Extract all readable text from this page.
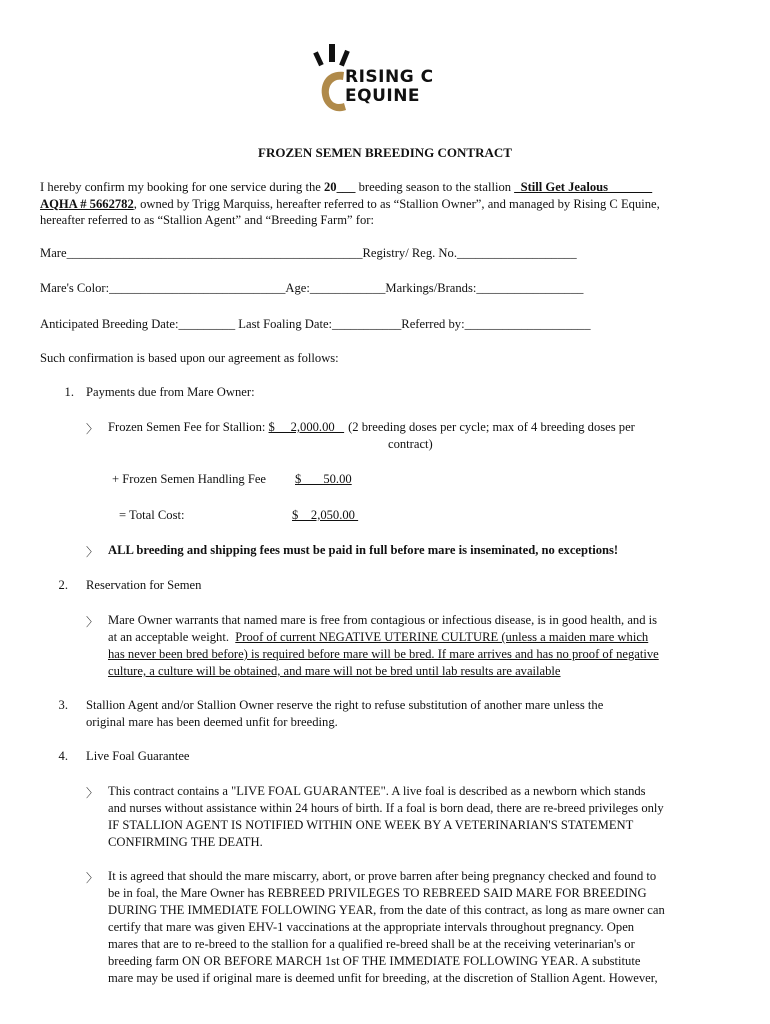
RISING C
EQUINE
FROZEN SEMEN BREEDING CONTRACT
I hereby confirm my booking for one service during the 20___ breeding season to the stallion _Still Get Jealous_______
AQHA # 5662782, owned by Trigg Marquiss, hereafter referred to as “Stallion Owner”, and managed by Rising C Equine,
hereafter referred to as “Stallion Agent” and “Breeding Farm” for:
Mare_______________________________________________Registry/ Reg. No.___________________
Mare's Color:____________________________Age:____________Markings/Brands:_________________
Anticipated Breeding Date:_________ Last Foaling Date:___________Referred by:____________________
Such confirmation is based upon our agreement as follows:
1. Payments due from Mare Owner:
〉 Frozen Semen Fee for Stallion: $     2,000.00   (2 breeding doses per cycle; max of 4 breeding doses per
contract)
+ Frozen Semen Handling Fee $       50.00
= Total Cost:	$    2,050.00
〉 ALL breeding and shipping fees must be paid in full before mare is inseminated, no exceptions!
2. Reservation for Semen
〉 Mare Owner warrants that named mare is free from contagious or infectious disease, is in good health, and is
at an acceptable weight.  Proof of current NEGATIVE UTERINE CULTURE (unless a maiden mare which
has never been bred before) is required before mare will be bred. If mare arrives and has no proof of negative
culture, a culture will be obtained, and mare will not be bred until lab results are available
3. Stallion Agent and/or Stallion Owner reserve the right to refuse substitution of another mare unless the
original mare has been deemed unfit for breeding.
4. Live Foal Guarantee
〉 This contract contains a "LIVE FOAL GUARANTEE". A live foal is described as a newborn which stands
and nurses without assistance within 24 hours of birth. If a foal is born dead, there are re-breed privileges only
IF STALLION AGENT IS NOTIFIED WITHIN ONE WEEK BY A VETERINARIAN'S STATEMENT
CONFIRMING THE DEATH.
〉 It is agreed that should the mare miscarry, abort, or prove barren after being pregnancy checked and found to
be in foal, the Mare Owner has REBREED PRIVILEGES TO REBREED SAID MARE FOR BREEDING
DURING THE IMMEDIATE FOLLOWING YEAR, from the date of this contract, as long as mare owner can
certify that mare was given EHV-1 vaccinations at the appropriate intervals throughout pregnancy. Open
mares that are to re-breed to the stallion for a qualified re-breed shall be at the receiving veterinarian's or
breeding farm ON OR BEFORE MARCH 1st OF THE IMMEDIATE FOLLOWING YEAR. A substitute
mare may be used if original mare is deemed unfit for breeding, at the discretion of Stallion Agent. However,
